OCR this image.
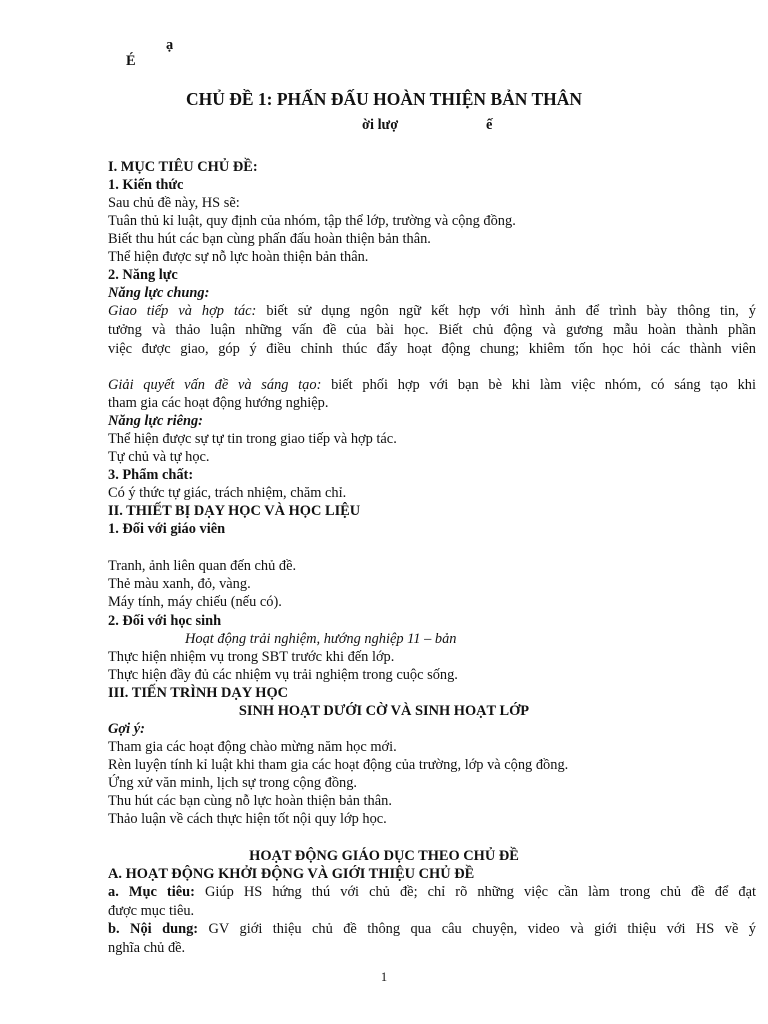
ạ
É
CHỦ ĐỀ 1: PHẤN ĐẤU HOÀN THIỆN BẢN THÂN
ời lượ	ế
I. MỤC TIÊU CHỦ ĐỀ:
1. Kiến thức
Sau chủ đề này, HS sẽ:
Tuân thủ kỉ luật, quy định của nhóm, tập thể lớp, trường và cộng đồng.
Biết thu hút các bạn cùng phấn đấu hoàn thiện bản thân.
Thể hiện được sự nỗ lực hoàn thiện bản thân.
2. Năng lực
Năng lực chung:
Giao tiếp và hợp tác: biết sử dụng ngôn ngữ kết hợp với hình ảnh để trình bày thông tin, ý
tưởng và thảo luận những vấn đề của bài học. Biết chủ động và gương mẫu hoàn thành phần
việc được giao, góp ý điều chỉnh thúc đẩy hoạt động chung; khiêm tốn học hỏi các thành viên
Giải quyết vấn đề và sáng tạo: biết phối hợp với bạn bè khi làm việc nhóm, có sáng tạo khi
tham gia các hoạt động hướng nghiệp.
Năng lực riêng:
Thể hiện được sự tự tin trong giao tiếp và hợp tác.
Tự chủ và tự học.
3. Phẩm chất:
Có ý thức tự giác, trách nhiệm, chăm chỉ.
II. THIẾT BỊ DẠY HỌC VÀ HỌC LIỆU
1. Đối với giáo viên
Tranh, ảnh liên quan đến chủ đề.
Thẻ màu xanh, đỏ, vàng.
Máy tính, máy chiếu (nếu có).
2. Đối với học sinh
Hoạt động trải nghiệm, hướng nghiệp 11 – bản
Thực hiện nhiệm vụ trong SBT trước khi đến lớp.
Thực hiện đầy đủ các nhiệm vụ trải nghiệm trong cuộc sống.
III. TIẾN TRÌNH DẠY HỌC
SINH HOẠT DƯỚI CỜ VÀ SINH HOẠT LỚP
Gợi ý:
Tham gia các hoạt động chào mừng năm học mới.
Rèn luyện tính kỉ luật khi tham gia các hoạt động của trường, lớp và cộng đồng.
Ứng xử văn minh, lịch sự trong cộng đồng.
Thu hút các bạn cùng nỗ lực hoàn thiện bản thân.
Thảo luận về cách thực hiện tốt nội quy lớp học.
HOẠT ĐỘNG GIÁO DỤC THEO CHỦ ĐỀ
A. HOẠT ĐỘNG KHỞI ĐỘNG VÀ GIỚI THIỆU CHỦ ĐỀ
a. Mục tiêu: Giúp HS hứng thú với chủ đề; chỉ rõ những việc cần làm trong chủ đề để đạt
được mục tiêu.
b. Nội dung: GV giới thiệu chủ đề thông qua câu chuyện, video và giới thiệu với HS về ý
nghĩa chủ đề.
1
